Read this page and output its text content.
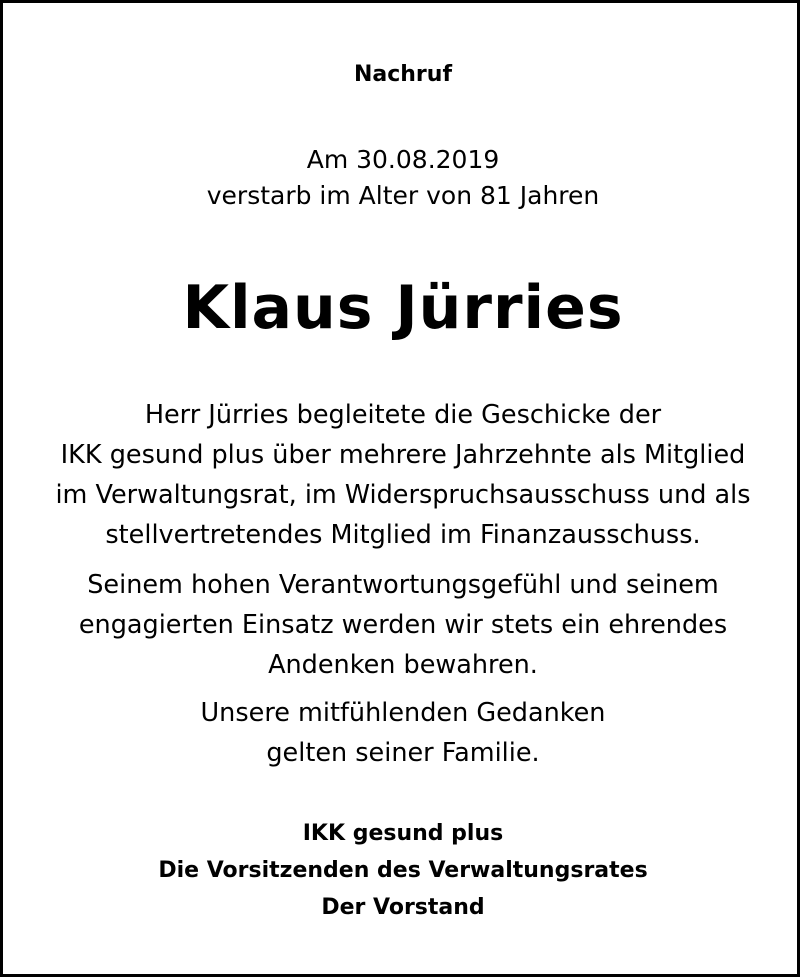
Nachruf
Am 30.08.2019
verstarb im Alter von 81 Jahren
Klaus Jürries
Herr Jürries begleitete die Geschicke der
IKK gesund plus über mehrere Jahrzehnte als Mitglied
im Verwaltungsrat, im Widerspruchsausschuss und als
stellvertretendes Mitglied im Finanzausschuss.
Seinem hohen Verantwortungsgefühl und seinem
engagierten Einsatz werden wir stets ein ehrendes
Andenken bewahren.
Unsere mitfühlenden Gedanken
gelten seiner Familie.
IKK gesund plus
Die Vorsitzenden des Verwaltungsrates
Der Vorstand
